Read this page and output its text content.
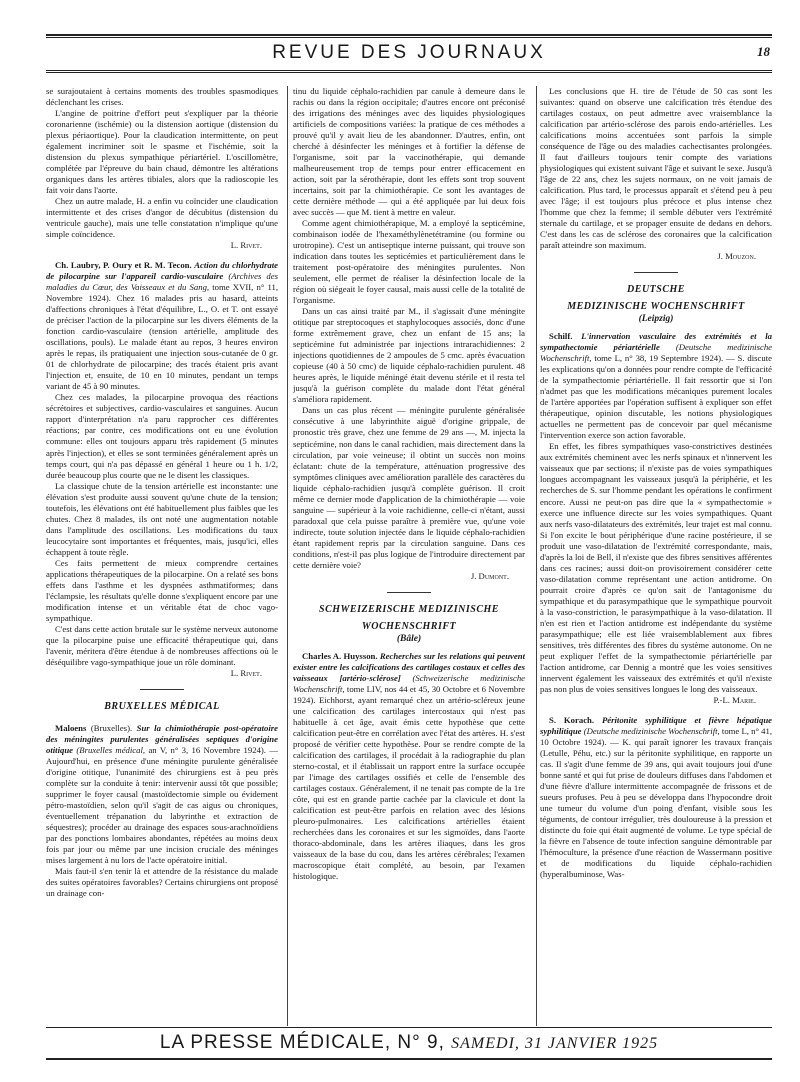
REVUE DES JOURNAUX	18

se surajoutaient à certains moments des troubles spasmodiques déclenchant les crises.

L'angine de poitrine d'effort peut s'expliquer par la théorie coronarienne (ischémie) ou la distension aortique (distension du plexus périaortique). Pour la claudication intermittente, on peut également incriminer soit le spasme et l'ischémie, soit la distension du plexus sympathique périartériel. L'oscillomètre, complétée par l'épreuve du bain chaud, démontre les altérations organiques dans les artères tibiales, alors que la radioscopie les fait voir dans l'aorte.

Chez un autre malade, H. a enfin vu coïncider une claudication intermittente et des crises d'angor de décubitus (distension du ventricule gauche), mais une telle constatation n'implique qu'une simple coïncidence.

L. Rivet.

Ch. Laubry, P. Oury et R. M. Tecon. Action du chlorhydrate de pilocarpine sur l'appareil cardio-vasculaire (Archives des maladies du Cœur, des Vaisseaux et du Sang, tome XVII, n° 11, Novembre 1924). Chez 16 malades pris au hasard, atteints d'affections chroniques à l'état d'équilibre, L., O. et T. ont essayé de préciser l'action de la pilocarpine sur les divers éléments de la fonction cardio-vasculaire (tension artérielle, amplitude des oscillations, pouls). Le malade étant au repos, 3 heures environ après le repas, ils pratiquaient une injection sous-cutanée de 0 gr. 01 de chlorhydrate de pilocarpine; des tracés étaient pris avant l'injection et, ensuite, de 10 en 10 minutes, pendant un temps variant de 45 à 90 minutes.

Chez ces malades, la pilocarpine provoqua des réactions sécrétoires et subjectives, cardio-vasculaires et sanguines. Aucun rapport d'interprétation n'a paru rapprocher ces différentes réactions; par contre, ces modifications ont eu une évolution commune: elles ont toujours apparu très rapidement (5 minutes après l'injection), et elles se sont terminées généralement après un temps court, qui n'a pas dépassé en général 1 heure ou 1 h. 1/2, durée beaucoup plus courte que ne le disent les classiques.

La classique chute de la tension artérielle est inconstante: une élévation s'est produite aussi souvent qu'une chute de la tension; toutefois, les élévations ont été habituellement plus faibles que les chutes. Chez 8 malades, ils ont noté une augmentation notable dans l'amplitude des oscillations. Les modifications du taux leucocytaire sont importantes et fréquentes, mais, jusqu'ici, elles échappent à toute règle.

Ces faits permettent de mieux comprendre certaines applications thérapeutiques de la pilocarpine. On a relaté ses bons effets dans l'asthme et les dyspnées asthmatiformes; dans l'éclampsie, les résultats qu'elle donne s'expliquent encore par une modification intense et un véritable état de choc vago-sympathique.

C'est dans cette action brutale sur le système nerveux autonome que la pilocarpine puise une efficacité thérapeutique qui, dans l'avenir, méritera d'être étendue à de nombreuses affections où le déséquilibre vago-sympathique joue un rôle dominant.

L. Rivet.
BRUXELLES MÉDICAL

Maloens (Bruxelles). Sur la chimiothérapie post-opératoire des méningites purulentes généralisées septiques d'origine otitique (Bruxelles médical, an V, n° 3, 16 Novembre 1924). — Aujourd'hui, en présence d'une méningite purulente généralisée d'origine otitique, l'unanimité des chirurgiens est à peu près complète sur la conduite à tenir: intervenir aussi tôt que possible; supprimer le foyer causal (mastoïdectomie simple ou évidement pétro-mastoïdien, selon qu'il s'agit de cas aigus ou chroniques, éventuellement trépanation du labyrinthe et extraction de séquestres); procéder au drainage des espaces sous-arachnoïdiens par des ponctions lombaires abondantes, répétées au moins deux fois par jour ou même par une incision cruciale des méninges mises largement à nu lors de l'acte opératoire initial.

Mais faut-il s'en tenir là et attendre de la résistance du malade des suites opératoires favorables? Certains chirurgiens ont proposé un drainage con-

tinu du liquide céphalo-rachidien par canule à demeure dans le rachis ou dans la région occipitale; d'autres encore ont préconisé des irrigations des méninges avec des liquides physiologiques artificiels de compositions variées: la pratique de ces méthodes a prouvé qu'il y avait lieu de les abandonner. D'autres, enfin, ont cherché à désinfecter les méninges et à fortifier la défense de l'organisme, soit par la vaccinothérapie, qui demande malheureusement trop de temps pour entrer efficacement en action, soit par la sérothérapie, dont les effets sont trop souvent incertains, soit par la chimiothérapie. Ce sont les avantages de cette dernière méthode — qui a été appliquée par lui deux fois avec succès — que M. tient à mettre en valeur.

Comme agent chimiothérapique, M. a employé la septicémine, combinaison iodée de l'hexaméthylènetétramine (ou formine ou urotropine). C'est un antiseptique interne puissant, qui trouve son indication dans toutes les septicémies et particulièrement dans le traitement post-opératoire des méningites purulentes. Non seulement, elle permet de réaliser la désinfection locale de la région où siégeait le foyer causal, mais aussi celle de la totalité de l'organisme.

Dans un cas ainsi traité par M., il s'agissait d'une méningite otitique par streptocoques et staphylocoques associés, donc d'une forme extrêmement grave, chez un enfant de 15 ans; la septicémine fut administrée par injections intrarachidiennes: 2 injections quotidiennes de 2 ampoules de 5 cmc. après évacuation copieuse (40 à 50 cmc) de liquide céphalo-rachidien purulent. 48 heures après, le liquide méningé était devenu stérile et il resta tel jusqu'à la guérison complète du malade dont l'état général s'améliora rapidement.

Dans un cas plus récent — méningite purulente généralisée consécutive à une labyrinthite aiguë d'origine grippale, de pronostic très grave, chez une femme de 29 ans —, M. injecta la septicémine, non dans le canal rachidien, mais directement dans la circulation, par voie veineuse; il obtint un succès non moins éclatant: chute de la température, atténuation progressive des symptômes cliniques avec amélioration parallèle des caractères du liquide céphalo-rachidien jusqu'à complète guérison. Il croit même ce dernier mode d'application de la chimiothérapie — voie sanguine — supérieur à la voie rachidienne, celle-ci n'étant, aussi paradoxal que cela puisse paraître à première vue, qu'une voie indirecte, toute solution injectée dans le liquide céphalo-rachidien étant rapidement repris par la circulation sanguine. Dans ces conditions, n'est-il pas plus logique de l'introduire directement par cette dernière voie?

J. Dumont.
SCHWEIZERISCHE MEDIZINISCHE
WOCHENSCHRIFT
(Bâle)

Charles A. Huysson. Recherches sur les relations qui peuvent exister entre les calcifications des cartilages costaux et celles des vaisseaux [artério-sclérose] (Schweizerische medizinische Wochenschrift, tome LIV, nos 44 et 45, 30 Octobre et 6 Novembre 1924). Eichhorst, ayant remarqué chez un artério-scléreux jeune une calcification des cartilages intercostaux qui n'est pas habituelle à cet âge, avait émis cette hypothèse que cette calcification peut-être en corrélation avec l'état des artères. H. s'est proposé de vérifier cette hypothèse. Pour se rendre compte de la calcification des cartilages, il procédait à la radiographie du plan sterno-costal, et il établissait un rapport entre la surface occupée par l'image des cartilages ossifiés et celle de l'ensemble des cartilages costaux. Généralement, il ne tenait pas compte de la 1re côte, qui est en grande partie cachée par la clavicule et dont la calcification est peut-être parfois en relation avec des lésions pleuro-pulmonaires. Les calcifications artérielles étaient recherchées dans les coronaires et sur les sigmoïdes, dans l'aorte thoraco-abdominale, dans les artères iliaques, dans les gros vaisseaux de la base du cou, dans les artères cérébrales; l'examen macroscopique était complété, au besoin, par l'examen histologique.

Les conclusions que H. tire de l'étude de 50 cas sont les suivantes: quand on observe une calcification très étendue des cartilages costaux, on peut admettre avec vraisemblance la calcification par artério-sclérose des parois endo-artérielles. Les calcifications moins accentuées sont parfois la simple conséquence de l'âge ou des maladies cachectisantes prolongées. Il faut d'ailleurs toujours tenir compte des variations physiologiques qui existent suivant l'âge et suivant le sexe. Jusqu'à l'âge de 22 ans, chez les sujets normaux, on ne voit jamais de calcification. Plus tard, le processus apparaît et s'étend peu à peu avec l'âge; il est toujours plus précoce et plus intense chez l'homme que chez la femme; il semble débuter vers l'extrémité sternale du cartilage, et se propager ensuite de dedans en dehors. C'est dans les cas de sclérose des coronaires que la calcification paraît atteindre son maximum.

J. Mouzon.
DEUTSCHE
MEDIZINISCHE WOCHENSCHRIFT
(Leipzig)

Schilf. L'innervation vasculaire des extrémités et la sympathectomie périartérielle (Deutsche medizinische Wochenschrift, tome L, n° 38, 19 Septembre 1924). — S. discute les explications qu'on a données pour rendre compte de l'efficacité de la sympathectomie périartérielle. Il fait ressortir que si l'on n'admet pas que les modifications mécaniques purement locales de l'artère apportées par l'opération suffisent à expliquer son effet thérapeutique, opinion discutable, les notions physiologiques actuelles ne permettent pas de concevoir par quel mécanisme l'intervention exerce son action favorable.

En effet, les fibres sympathiques vaso-constrictives destinées aux extrémités cheminent avec les nerfs spinaux et n'innervent les vaisseaux que par sections; il n'existe pas de voies sympathiques longues accompagnant les vaisseaux jusqu'à la périphérie, et les recherches de S. sur l'homme pendant les opérations le confirment encore. Aussi ne peut-on pas dire que la « sympathectomie » exerce une influence directe sur les voies sympathiques. Quant aux nerfs vaso-dilatateurs des extrémités, leur trajet est mal connu. Si l'on excite le bout périphérique d'une racine postérieure, il se produit une vaso-dilatation de l'extrémité correspondante, mais, d'après la loi de Bell, il n'existe que des fibres sensitives afférentes dans ces racines; aussi doit-on provisoirement considérer cette vaso-dilatation comme représentant une action antidrome. On pourrait croire d'après ce qu'on sait de l'antagonisme du sympathique et du parasympathique que le sympathique pourvoit à la vaso-constriction, le parasympathique à la vaso-dilatation. Il n'en est rien et l'action antidrome est indépendante du système parasympathique; elle est liée vraisemblablement aux fibres sensitives, très différentes des fibres du système autonome. On ne peut expliquer l'effet de la sympathectomie périartérielle par l'action antidrome, car Dennig a montré que les voies sensitives innervent également les vaisseaux des extrémités et qu'il n'existe pas non plus de voies sensitives longues le long des vaisseaux.

P.-L. Marie.

S. Korach. Péritonite syphilitique et fièvre hépatique syphilitique (Deutsche medizinische Wochenschrift, tome L, n° 41, 10 Octobre 1924). — K. qui paraît ignorer les travaux français (Letulle, Péhu, etc.) sur la péritonite syphilitique, en rapporte un cas. Il s'agit d'une femme de 39 ans, qui avait toujours joui d'une bonne santé et qui fut prise de douleurs diffuses dans l'abdomen et d'une fièvre d'allure intermittente accompagnée de frissons et de sueurs profuses. Peu à peu se développa dans l'hypocondre droit une tumeur du volume d'un poing d'enfant, visible sous les téguments, de contour irrégulier, très douloureuse à la pression et distincte du foie qui était augmenté de volume. Le type spécial de la fièvre en l'absence de toute infection sanguine démontrable par l'hémoculture, la présence d'une réaction de Wassermann positive et de modifications du liquide céphalo-rachidien (hyperalbuminose, Was-

LA PRESSE MÉDICALE, N° 9, SAMEDI, 31 JANVIER 1925
